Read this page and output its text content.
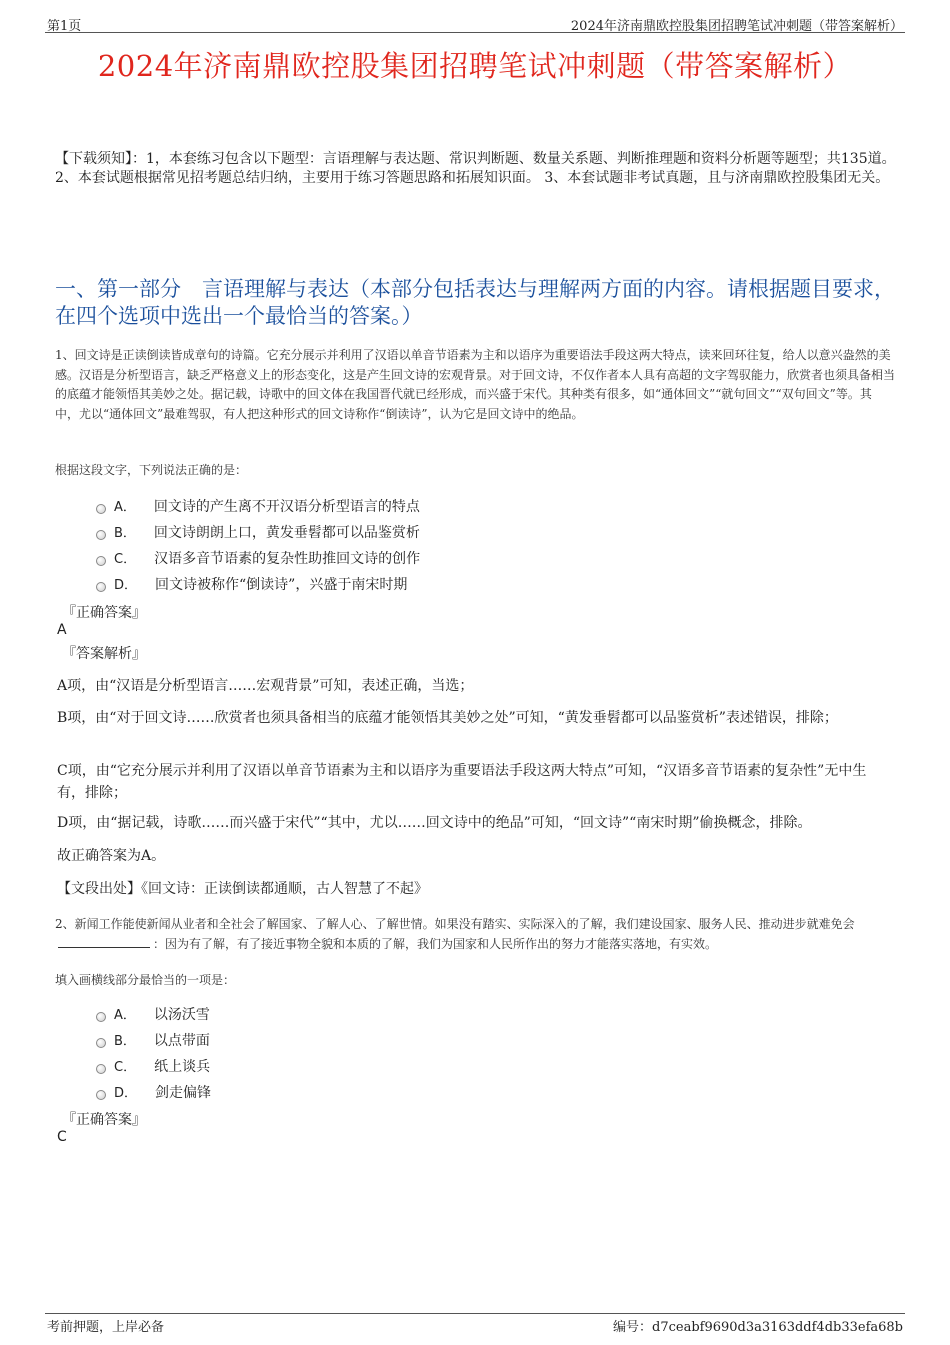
第1页	2024年济南鼎欧控股集团招聘笔试冲刺题（带答案解析）
2024年济南鼎欧控股集团招聘笔试冲刺题（带答案解析）
【下载须知】：1，本套练习包含以下题型：言语理解与表达题、常识判断题、数量关系题、判断推理题和资料分析题等题型；共135道。 2、本套试题根据常见招考题总结归纳，主要用于练习答题思路和拓展知识面。 3、本套试题非考试真题，且与济南鼎欧控股集团无关。
一、第一部分　言语理解与表达（本部分包括表达与理解两方面的内容。请根据题目要求，在四个选项中选出一个最恰当的答案。）
1、回文诗是正读倒读皆成章句的诗篇。它充分展示并利用了汉语以单音节语素为主和以语序为重要语法手段这两大特点，读来回环往复，给人以意兴盎然的美感。汉语是分析型语言，缺乏严格意义上的形态变化，这是产生回文诗的宏观背景。对于回文诗，不仅作者本人具有高超的文字驾驭能力，欣赏者也须具备相当的底蕴才能领悟其美妙之处。据记载，诗歌中的回文体在我国晋代就已经形成，而兴盛于宋代。其种类有很多，如“通体回文”“就句回文”“双句回文”等。其中，尤以“通体回文”最难驾驭，有人把这种形式的回文诗称作“倒读诗”，认为它是回文诗中的绝品。
根据这段文字，下列说法正确的是：
A． 回文诗的产生离不开汉语分析型语言的特点
B． 回文诗朗朗上口，黄发垂髫都可以品鉴赏析
C． 汉语多音节语素的复杂性助推回文诗的创作
D． 回文诗被称作“倒读诗”，兴盛于南宋时期
『正确答案』
A
『答案解析』
A项，由“汉语是分析型语言……宏观背景”可知，表述正确，当选；
B项，由“对于回文诗……欣赏者也须具备相当的底蕴才能领悟其美妙之处”可知，“黄发垂髫都可以品鉴赏析”表述错误，排除；
C项，由“它充分展示并利用了汉语以单音节语素为主和以语序为重要语法手段这两大特点”可知，“汉语多音节语素的复杂性”无中生有，排除；
D项，由“据记载，诗歌……而兴盛于宋代”“其中，尤以……回文诗中的绝品”可知，“回文诗”“南宋时期”偷换概念，排除。
故正确答案为A。
【文段出处】《回文诗：正读倒读都通顺，古人智慧了不起》
2、新闻工作能使新闻从业者和全社会了解国家、了解人心、了解世情。如果没有踏实、实际深入的了解，我们建设国家、服务人民、推动进步就难免会：因为有了解，有了接近事物全貌和本质的了解，我们为国家和人民所作出的努力才能落实落地，有实效。
填入画横线部分最恰当的一项是：
A． 以汤沃雪
B． 以点带面
C． 纸上谈兵
D． 剑走偏锋
『正确答案』
C
考前押题，上岸必备	编号：d7ceabf9690d3a3163ddf4db33efa68b
